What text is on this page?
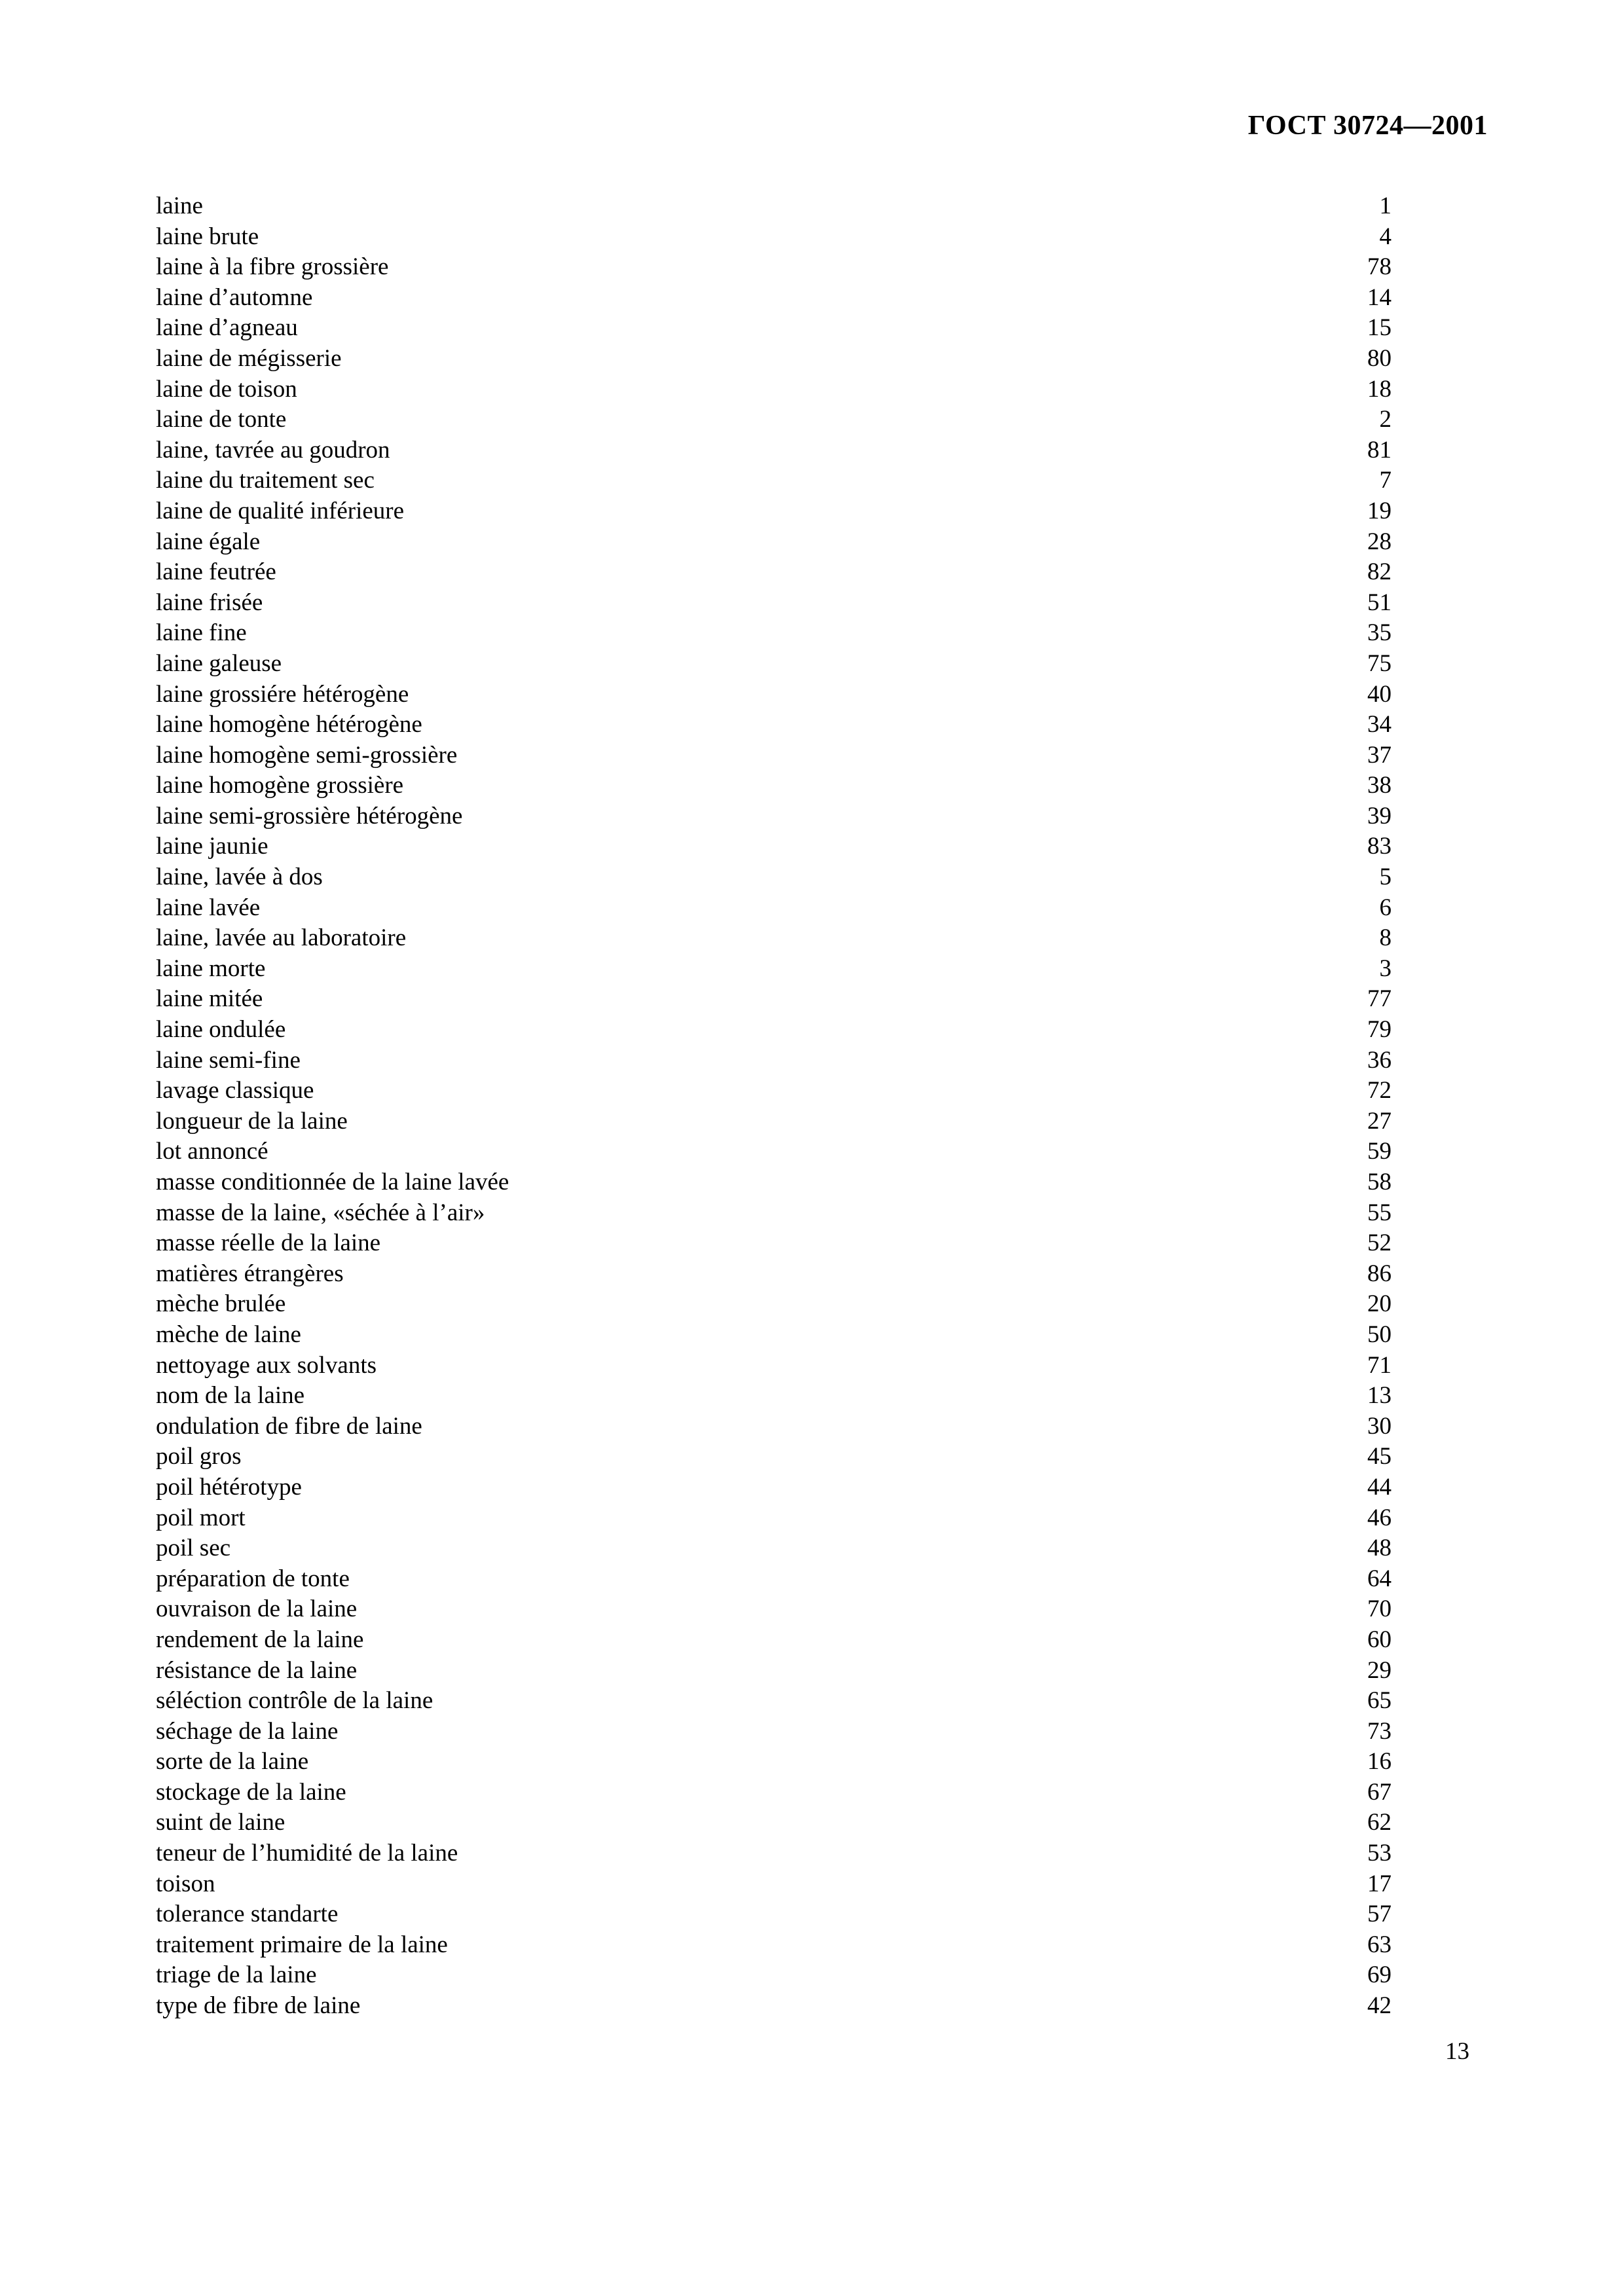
ГОСТ 30724—2001
laine	1
laine brute	4
laine à la fibre grossière	78
laine d’automne	14
laine d’agneau	15
laine de mégisserie	80
laine de toison	18
laine de tonte	2
laine, tavrée au goudron	81
laine du traitement sec	7
laine de qualité inférieure	19
laine égale	28
laine feutrée	82
laine frisée	51
laine fine	35
laine galeuse	75
laine grossiére hétérogène	40
laine homogène hétérogène	34
laine homogène semi-grossière	37
laine homogène grossière	38
laine semi-grossière hétérogène	39
laine jaunie	83
laine, lavée à dos	5
laine lavée	6
laine, lavée au laboratoire	8
laine morte	3
laine mitée	77
laine ondulée	79
laine semi-fine	36
lavage classique	72
longueur de la laine	27
lot annoncé	59
masse conditionnée de la laine lavée	58
masse de la laine, «séchée à l’air»	55
masse réelle de la laine	52
matières étrangères	86
mèche brulée	20
mèche de laine	50
nettoyage aux solvants	71
nom de la laine	13
ondulation de fibre de laine	30
poil gros	45
poil hétérotype	44
poil mort	46
poil sec	48
préparation de tonte	64
ouvraison de la laine	70
rendement de la laine	60
résistance de la laine	29
séléction contrôle de la laine	65
séchage de la laine	73
sorte de la laine	16
stockage de la laine	67
suint de laine	62
teneur de l’humidité de la laine	53
toison	17
tolerance standarte	57
traitement primaire de la laine	63
triage de la laine	69
type de fibre de laine	42
13
